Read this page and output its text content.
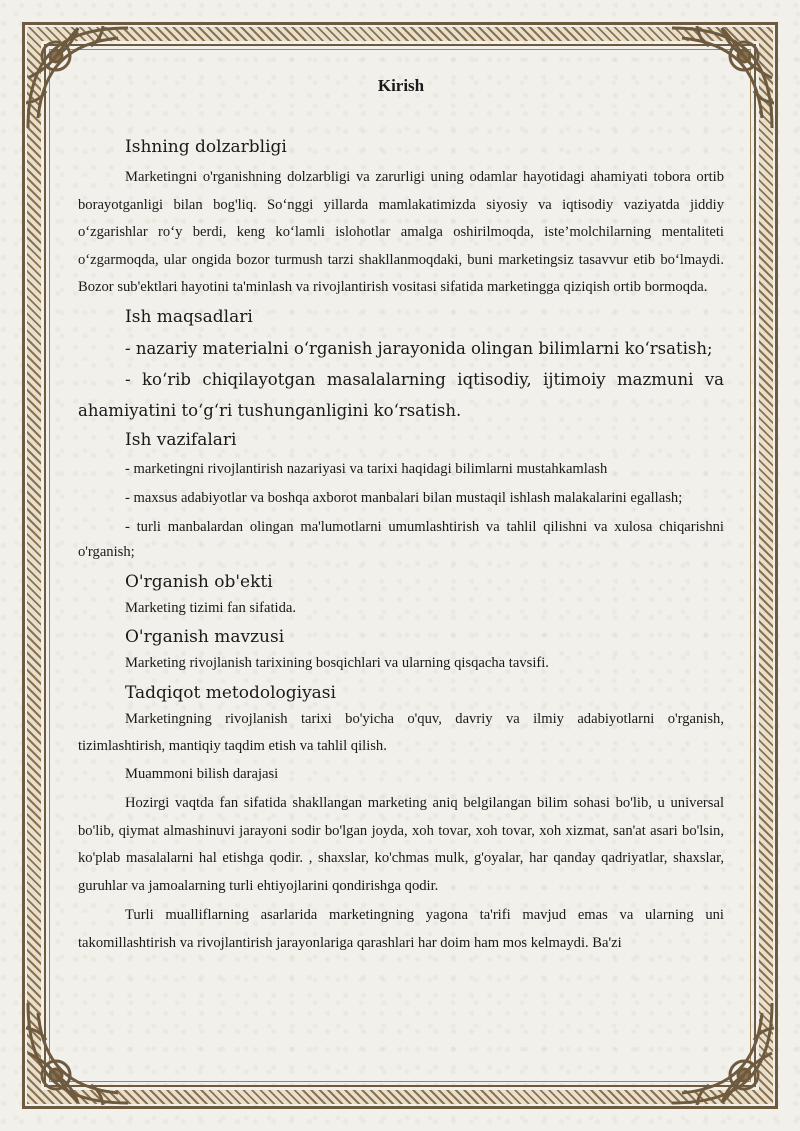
Kirish

Ishning dolzarbligi

Marketingni o'rganishning dolzarbligi va zarurligi uning odamlar hayotidagi ahamiyati tobora ortib borayotganligi bilan bog'liq. So‘nggi yillarda mamlakatimizda siyosiy va iqtisodiy vaziyatda jiddiy o‘zgarishlar ro‘y berdi, keng ko‘lamli islohotlar amalga oshirilmoqda, iste’molchilarning mentaliteti o‘zgarmoqda, ular ongida bozor turmush tarzi shakllanmoqdaki, buni marketingsiz tasavvur etib bo‘lmaydi. Bozor sub'ektlari hayotini ta'minlash va rivojlantirish vositasi sifatida marketingga qiziqish ortib bormoqda.

Ish maqsadlari

- nazariy materialni o‘rganish jarayonida olingan bilimlarni ko‘rsatish;

- ko‘rib chiqilayotgan masalalarning iqtisodiy, ijtimoiy mazmuni va ahamiyatini to‘g‘ri tushunganligini ko‘rsatish.

Ish vazifalari

- marketingni rivojlantirish nazariyasi va tarixi haqidagi bilimlarni mustahkamlash

- maxsus adabiyotlar va boshqa axborot manbalari bilan mustaqil ishlash malakalarini egallash;

- turli manbalardan olingan ma'lumotlarni umumlashtirish va tahlil qilishni va xulosa chiqarishni o'rganish;

O'rganish ob'ekti

Marketing tizimi fan sifatida.

O'rganish mavzusi

Marketing rivojlanish tarixining bosqichlari va ularning qisqacha tavsifi.

Tadqiqot metodologiyasi

Marketingning rivojlanish tarixi bo'yicha o'quv, davriy va ilmiy adabiyotlarni o'rganish, tizimlashtirish, mantiqiy taqdim etish va tahlil qilish.

Muammoni bilish darajasi

Hozirgi vaqtda fan sifatida shakllangan marketing aniq belgilangan bilim sohasi bo'lib, u universal bo'lib, qiymat almashinuvi jarayoni sodir bo'lgan joyda, xoh tovar, xoh tovar, xoh xizmat, san'at asari bo'lsin, ko'plab masalalarni hal etishga qodir. , shaxslar, ko'chmas mulk, g'oyalar, har qanday qadriyatlar, shaxslar, guruhlar va jamoalarning turli ehtiyojlarini qondirishga qodir.

Turli mualliflarning asarlarida marketingning yagona ta'rifi mavjud emas va ularning uni takomillashtirish va rivojlantirish jarayonlariga qarashlari har doim ham mos kelmaydi. Ba'zi
